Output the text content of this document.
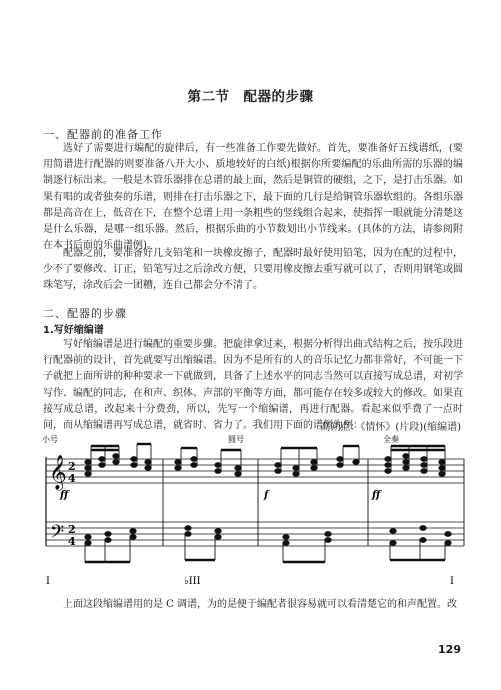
第二节　配器的步骤
一、配器前的准备工作
选好了需要进行编配的旋律后，有一些准备工作要先做好。首先，要准备好五线谱纸，(要用简谱进行配器的则要准备八开大小、质地较好的白纸)根据你所要编配的乐曲所需的乐器的编制逐行标出来。一般是木管乐器排在总谱的最上面，然后是铜管的硬组，之下，是打击乐器。如果有唱的或者独奏的乐谱，则排在打击乐器之下，最下面的几行是给铜管乐器软组的。各组乐器都是高音在上，低音在下，在整个总谱上用一条粗些的竖线组合起来，使指挥一眼就能分清楚这是什么乐器，是哪一组乐器。然后，根据乐曲的小节数划出小节线来。(具体的方法，请参阅附在本书后面的乐曲谱例)。
配器之前，要准备好几支铅笔和一块橡皮擦子，配器时最好使用铅笔，因为在配的过程中，少不了要修改、订正，铅笔写过之后涂改方便，只要用橡皮擦去重写就可以了，否则用钢笔或圆珠笔写，涂改后会一团糟，连自己都会分不清了。
二、配器的步骤
1.写好缩编谱
写好缩编谱是进行编配的重要步骤。把旋律拿过来，根据分析得出曲式结构之后，按乐段进行配器前的设计，首先就要写出缩编谱。因为不是所有的人的音乐记忆力都非常好，不可能一下子就把上面所讲的种种要求一下就做到，具备了上述水平的同志当然可以直接写成总谱，对初学写作、编配的同志，在和声、织体、声部的平衡等方面，都可能存在较多或较大的修改。如果直接写成总谱，改起来十分费劲，所以，先写一个缩编谱，再进行配器。看起来似乎费了一点时间，而从缩编谱再写成总谱，就省时、省力了。我们用下面的谱例为例：
高朔点：《情怀》(片段)(缩编谱)
小号	圆号	全奏
𝄞
𝄢
2
4
2
4
ff	f	ff
I	♭III	I
上面这段缩编谱用的是 C 调谱，为的是便于编配者很容易就可以看清楚它的和声配置。改
129
